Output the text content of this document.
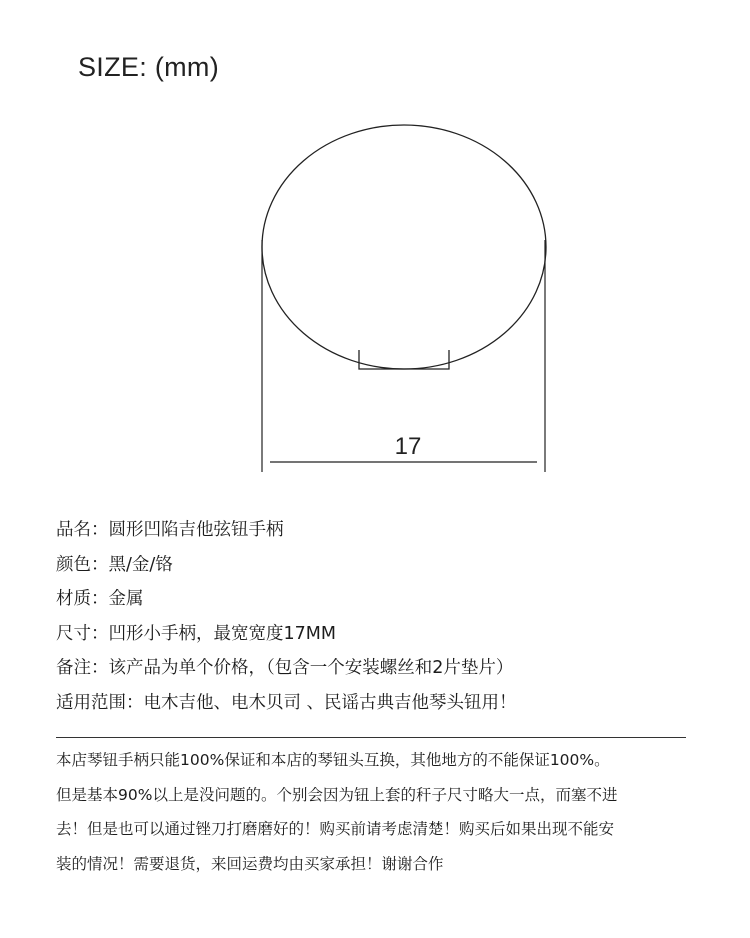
SIZE: (mm)
17
品名：圆形凹陷吉他弦钮手柄
颜色：黑/金/铬
材质：金属
尺寸：凹形小手柄，最宽宽度17MM
备注：该产品为单个价格，（包含一个安装螺丝和2片垫片）
适用范围：电木吉他、电木贝司 、民谣古典吉他琴头钮用！
本店琴钮手柄只能100%保证和本店的琴钮头互换，其他地方的不能保证100%。
但是基本90%以上是没问题的。个别会因为钮上套的秆子尺寸略大一点，而塞不进
去！但是也可以通过锉刀打磨磨好的！购买前请考虑清楚！购买后如果出现不能安
装的情况！需要退货，来回运费均由买家承担！谢谢合作
